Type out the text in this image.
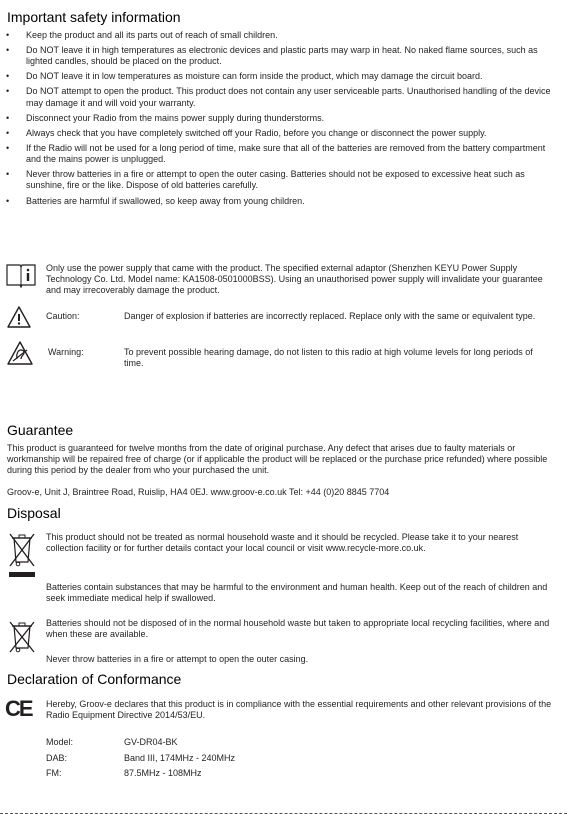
Important safety information
• Keep the product and all its parts out of reach of small children.
• Do NOT leave it in high temperatures as electronic devices and plastic parts may warp in heat. No naked flame sources, such as lighted candles, should be placed on the product.
• Do NOT leave it in low temperatures as moisture can form inside the product, which may damage the circuit board.
• Do NOT attempt to open the product. This product does not contain any user serviceable parts. Unauthorised handling of the device may damage it and will void your warranty.
• Disconnect your Radio from the mains power supply during thunderstorms.
• Always check that you have completely switched off your Radio, before you change or disconnect the power supply.
• If the Radio will not be used for a long period of time, make sure that all of the batteries are removed from the battery compartment and the mains power is unplugged.
• Never throw batteries in a fire or attempt to open the outer casing. Batteries should not be exposed to excessive heat such as sunshine, fire or the like. Dispose of old batteries carefully.
• Batteries are harmful if swallowed, so keep away from young children.

Only use the power supply that came with the product. The specified external adaptor (Shenzhen KEYU Power Supply Technology Co. Ltd. Model name: KA1508-0501000BSS). Using an unauthorised power supply will invalidate your guarantee and may irrecoverably damage the product.

Caution:	Danger of explosion if batteries are incorrectly replaced. Replace only with the same or equivalent type.

Warning:	To prevent possible hearing damage, do not listen to this radio at high volume levels for long periods of time.

Guarantee

This product is guaranteed for twelve months from the date of original purchase. Any defect that arises due to faulty materials or workmanship will be repaired free of charge (or if applicable the product will be replaced or the purchase price refunded) where possible during this period by the dealer from who your purchased the unit.

Groov-e, Unit J, Braintree Road, Ruislip, HA4 0EJ. www.groov-e.co.uk Tel: +44 (0)20 8845 7704

Disposal

This product should not be treated as normal household waste and it should be recycled. Please take it to your nearest collection facility or for further details contact your local council or visit www.recycle-more.co.uk.

Batteries contain substances that may be harmful to the environment and human health. Keep out of the reach of children and seek immediate medical help if swallowed.

Batteries should not be disposed of in the normal household waste but taken to appropriate local recycling facilities, where and when these are available.

Never throw batteries in a fire or attempt to open the outer casing.

Declaration of Conformance
CE Hereby, Groov-e declares that this product is in compliance with the essential requirements and other relevant provisions of the Radio Equipment Directive 2014/53/EU.

Model:	GV-DR04-BK

DAB:	Band III, 174MHz - 240MHz

FM:	87.5MHz - 108MHz
